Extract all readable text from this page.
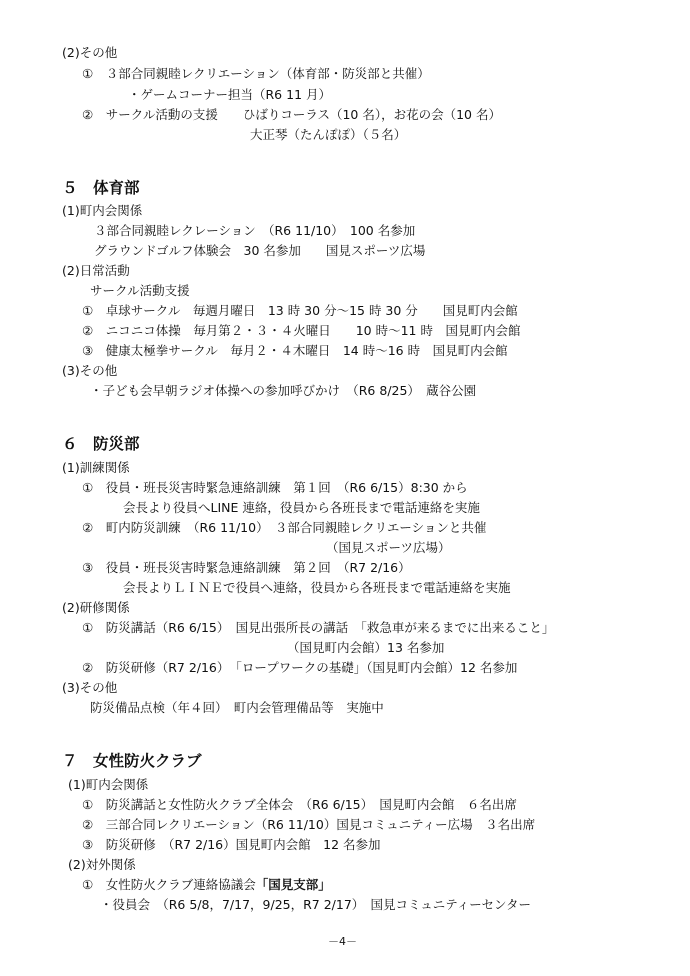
(2)その他
①　３部合同親睦レクリエーション（体育部・防災部と共催）
・ゲームコーナー担当（R6 11 月）
②　サークル活動の支援　　ひばりコーラス（10 名），お花の会（10 名）
大正琴（たんぽぽ）（５名）
５　体育部
(1)町内会関係
３部合同親睦レクレーション　（R6 11/10）　100 名参加
グラウンドゴルフ体験会　30 名参加　　国見スポーツ広場
(2)日常活動
サークル活動支援
①　卓球サークル　毎週月曜日　13 時 30 分〜15 時 30 分　　国見町内会館
②　ニコニコ体操　毎月第２・３・４火曜日　　10 時〜11 時　国見町内会館
③　健康太極拳サークル　毎月２・４木曜日　14 時〜16 時　国見町内会館
(3)その他
・子ども会早朝ラジオ体操への参加呼びかけ　（R6 8/25）　蔵谷公園
６　防災部
(1)訓練関係
①　役員・班長災害時緊急連絡訓練　第１回　（R6 6/15）8:30 から
会長より役員へLINE 連絡，役員から各班長まで電話連絡を実施
②　町内防災訓練　（R6 11/10）　３部合同親睦レクリエーションと共催
（国見スポーツ広場）
③　役員・班長災害時緊急連絡訓練　第２回　（R7 2/16）
会長よりＬＩＮＥで役員へ連絡，役員から各班長まで電話連絡を実施
(2)研修関係
①　防災講話（R6 6/15）　国見出張所長の講話　「救急車が来るまでに出来ること」
（国見町内会館）13 名参加
②　防災研修（R7 2/16）　「ロープワークの基礎」（国見町内会館）12 名参加
(3)その他
防災備品点検（年４回）　町内会管理備品等　実施中
７　女性防火クラブ
(1)町内会関係
①　防災講話と女性防火クラブ全体会　（R6 6/15）　国見町内会館　６名出席
②　三部合同レクリエーション（R6 11/10）国見コミュニティー広場　３名出席
③　防災研修　（R7 2/16）国見町内会館　12 名参加
(2)対外関係
①　女性防火クラブ連絡協議会「国見支部」
・役員会　（R6 5/8，7/17，9/25，R7 2/17）　国見コミュニティーセンター
－4－
